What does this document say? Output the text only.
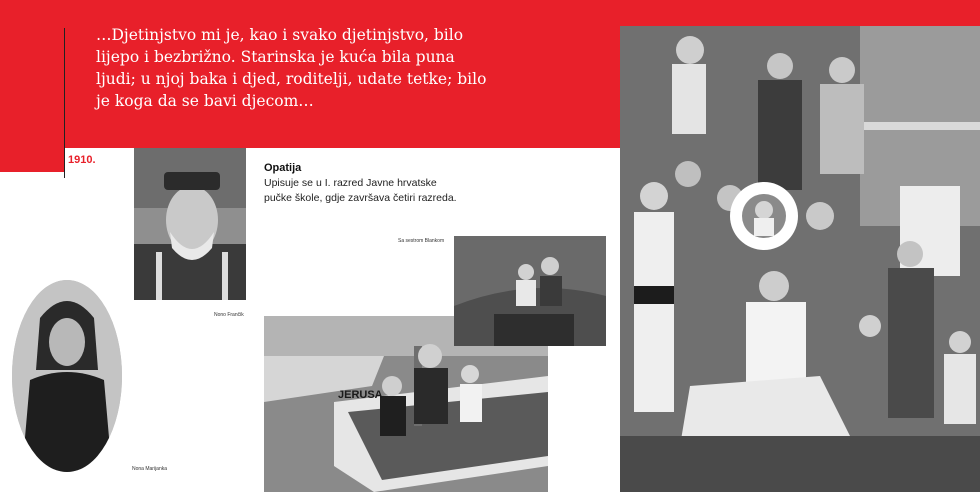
…Djetinjstvo mi je, kao i svako djetinjstvo, bilo
lijepo i bezbrižno. Starinska je kuća bila puna
ljudi; u njoj baka i djed, roditelji, udate tetke; bilo
je koga da se bavi djecom…
1910.

Opatija

Upisuje se u I. razred Javne hrvatske
pučke škole, gdje završava četiri razreda.

Nono Frančik
Nona Marijanka
JERUSA
Sa sestrom Blankom
